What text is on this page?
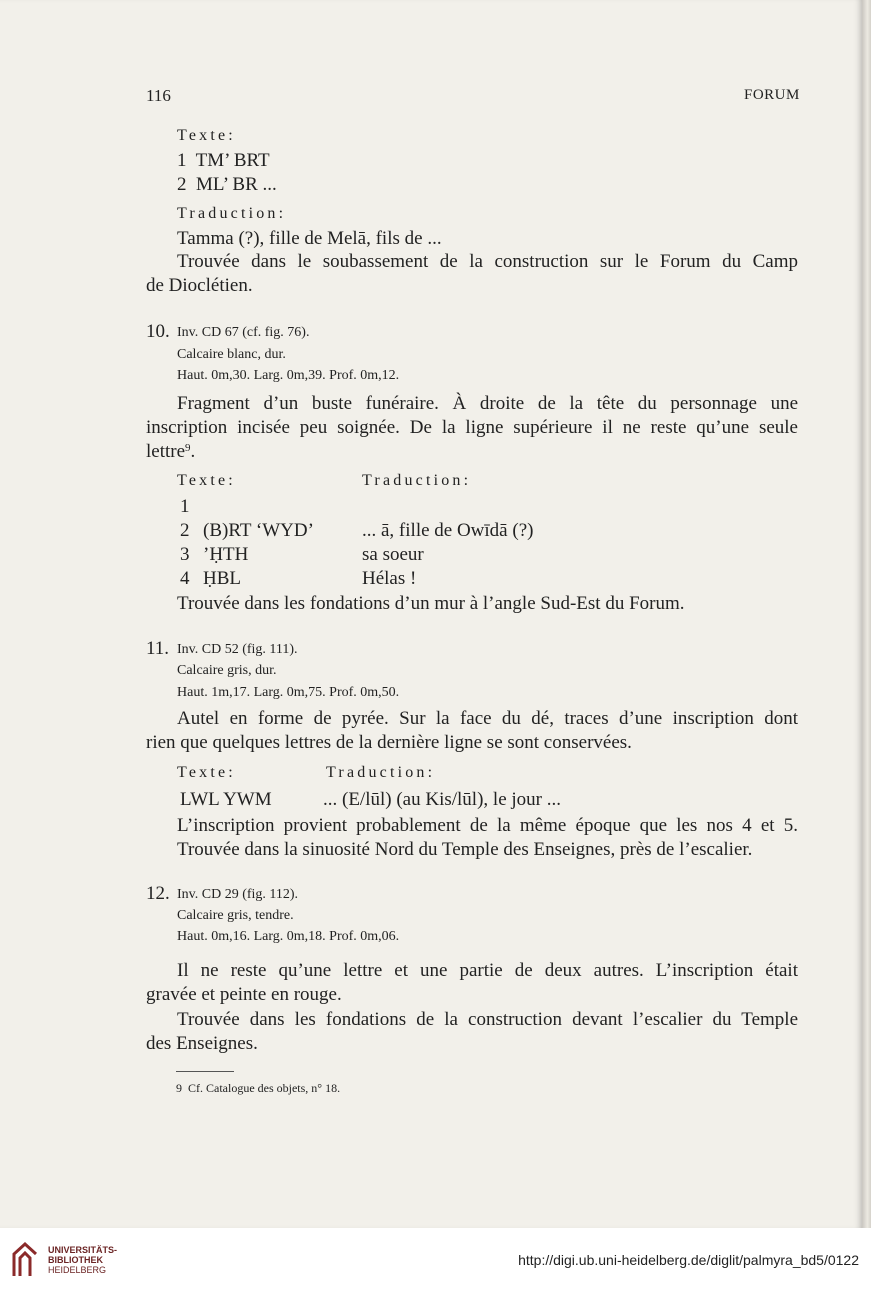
116	FORUM
Texte:
1  TM’ BRT
2  ML’ BR ...
Traduction:
Tamma (?), fille de Melā, fils de ...
Trouvée dans le soubassement de la construction sur le Forum du Camp
de Dioclétien.
10. Inv. CD 67 (cf. fig. 76).
Calcaire blanc, dur.
Haut. 0m,30. Larg. 0m,39. Prof. 0m,12.
Fragment d’un buste funéraire. À droite de la tête du personnage une
inscription incisée peu soignée. De la ligne supérieure il ne reste qu’une seule
lettre$^9$.
Texte:	Traduction:
1
2 (B)RT ‘WYD’	... ā, fille de Owīdā (?)
3 ’ḤTH	sa soeur
4 ḤBL	Hélas !
Trouvée dans les fondations d’un mur à l’angle Sud-Est du Forum.
11. Inv. CD 52 (fig. 111).
Calcaire gris, dur.
Haut. 1m,17. Larg. 0m,75. Prof. 0m,50.
Autel en forme de pyrée. Sur la face du dé, traces d’une inscription dont
rien que quelques lettres de la dernière ligne se sont conservées.
Texte:	Traduction:
LWL YWM	... (E/lūl) (au Kis/lūl), le jour ...
L’inscription provient probablement de la même époque que les nos 4 et 5.
Trouvée dans la sinuosité Nord du Temple des Enseignes, près de l’escalier.
12. Inv. CD 29 (fig. 112).
Calcaire gris, tendre.
Haut. 0m,16. Larg. 0m,18. Prof. 0m,06.
Il ne reste qu’une lettre et une partie de deux autres. L’inscription était
gravée et peinte en rouge.
Trouvée dans les fondations de la construction devant l’escalier du Temple
des Enseignes.
9  Cf. Catalogue des objets, n° 18.
UNIVERSITÄTS-
BIBLIOTHEK
HEIDELBERG
http://digi.ub.uni-heidelberg.de/diglit/palmyra_bd5/0122
